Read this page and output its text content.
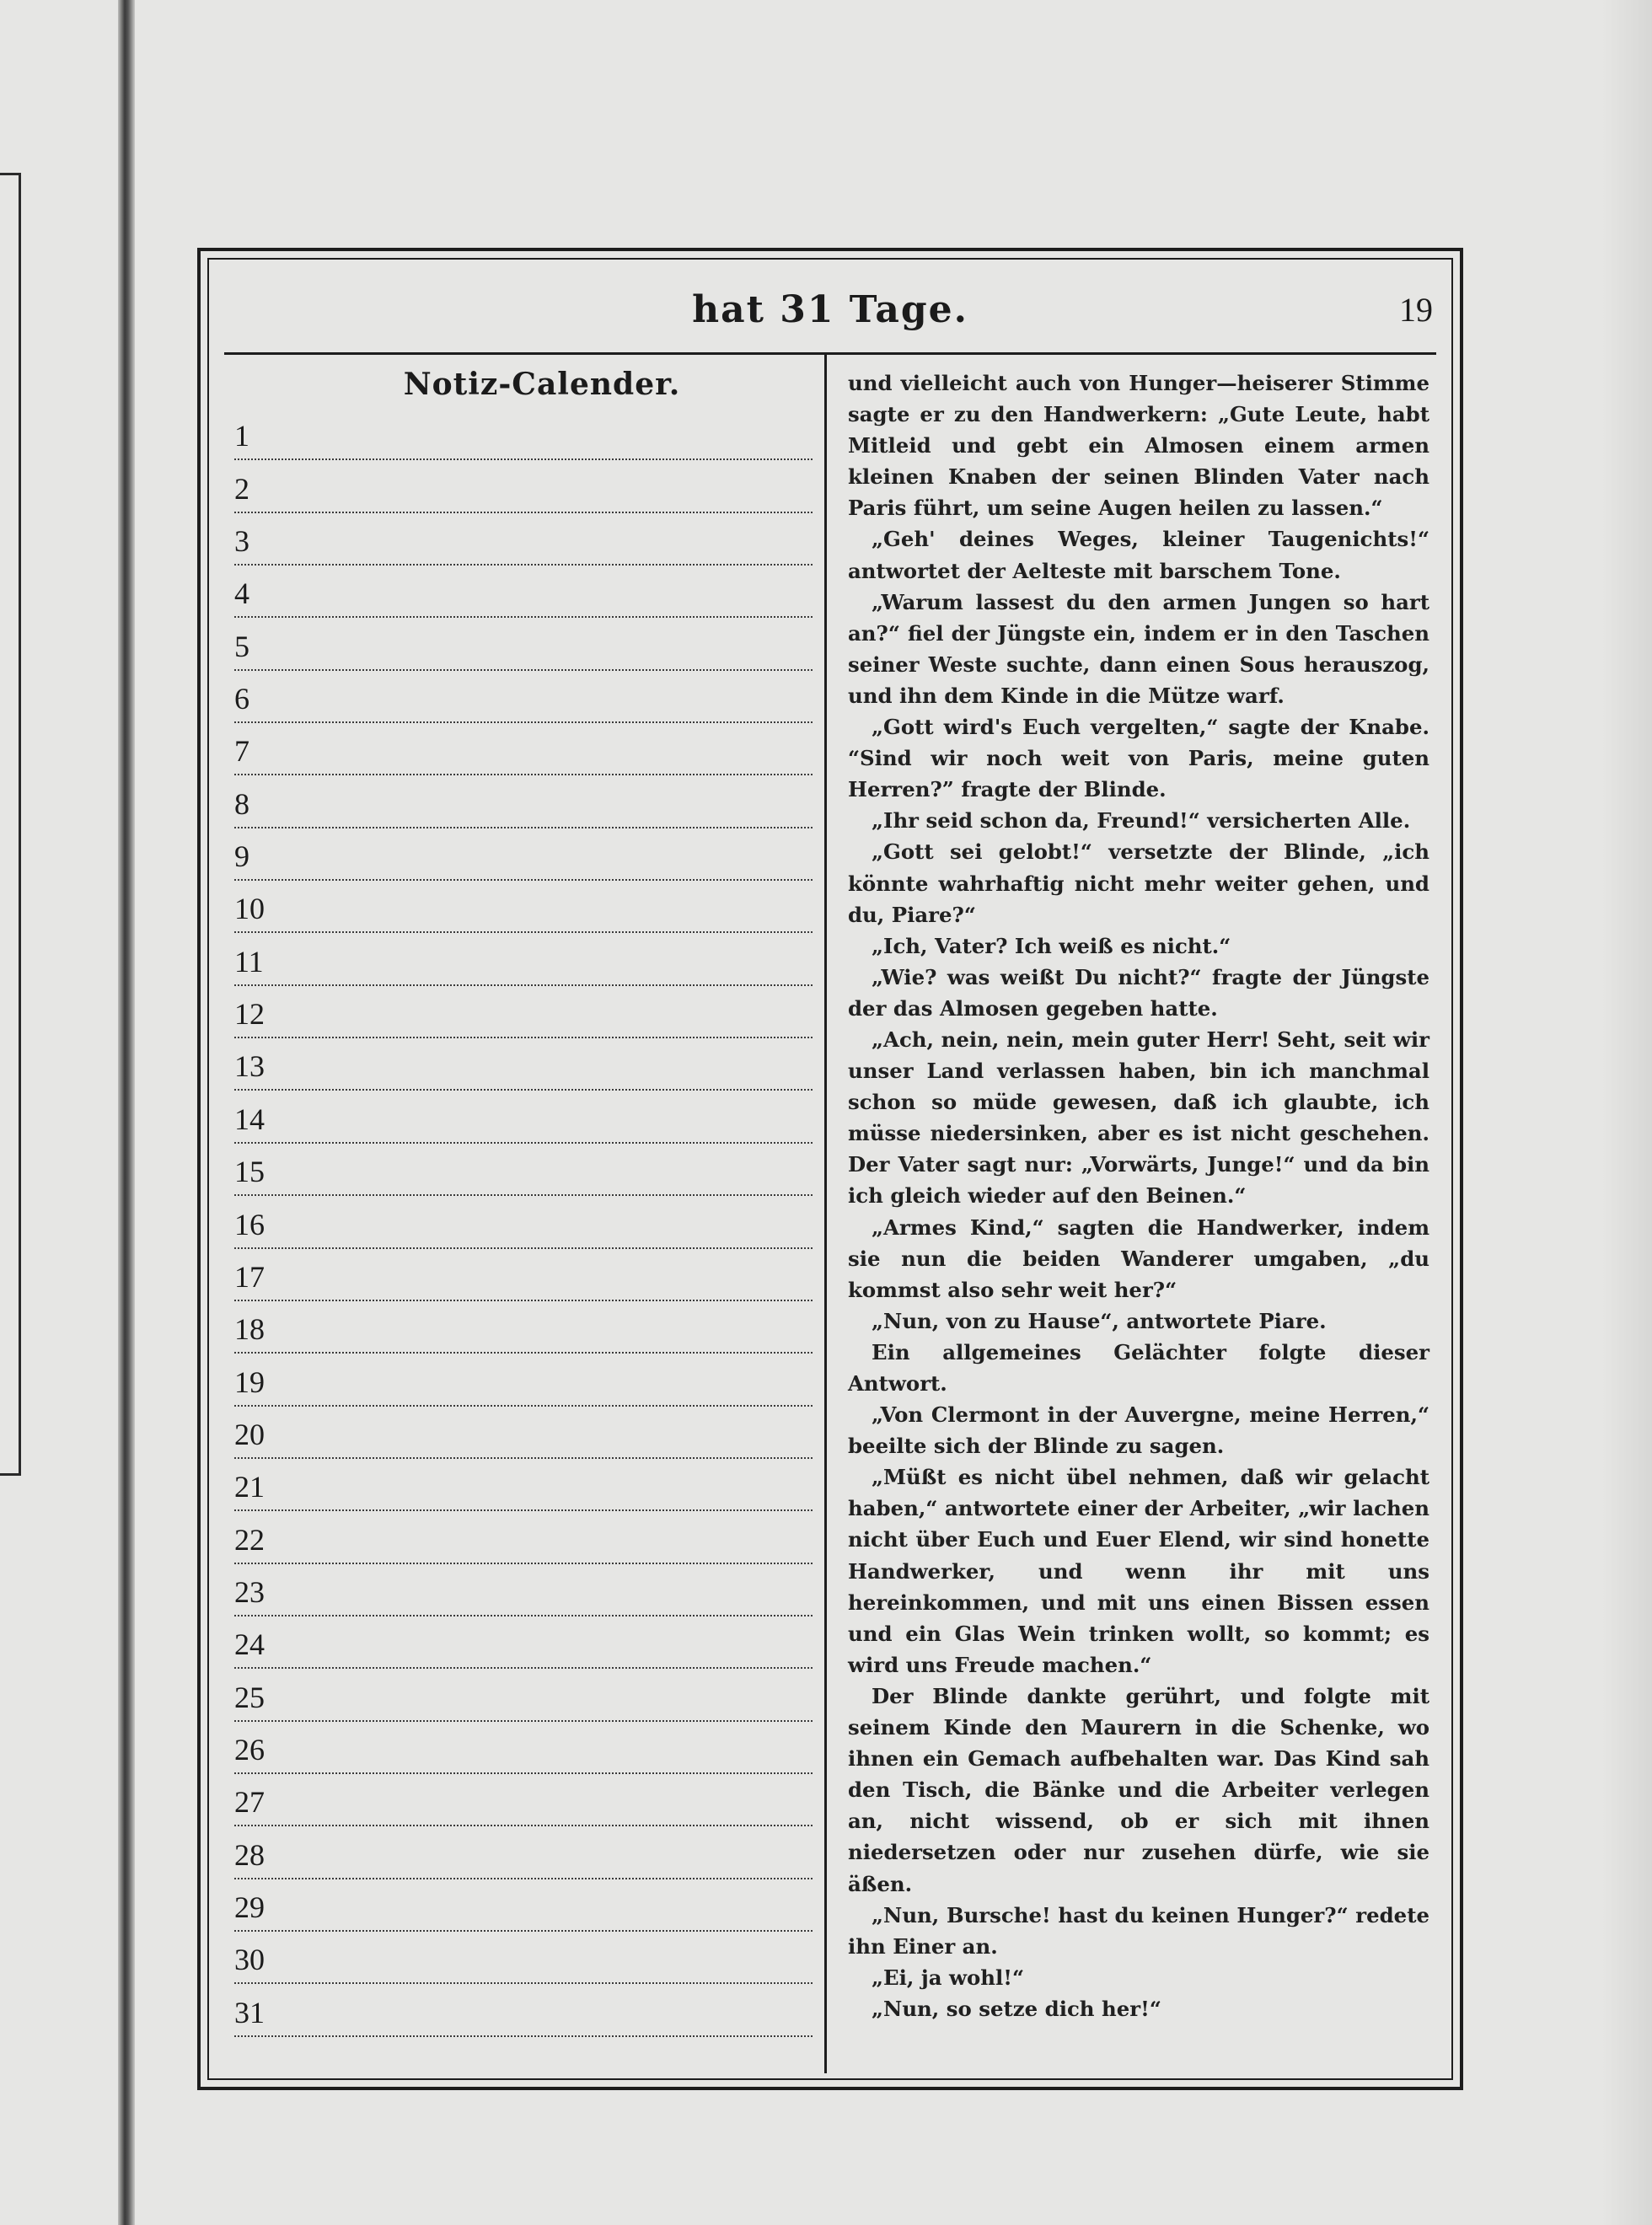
hat 31 Tage.	19
Notiz-Calender.
1
2
3
4
5
6
7
8
9
10
11
12
13
14
15
16
17
18
19
20
21
22
23
24
25
26
27
28
29
30
31

und vielleicht auch von Hunger—heiserer Stimme sagte er zu den Handwerkern: „Gute Leute, habt Mitleid und gebt ein Almosen einem armen kleinen Knaben der seinen Blinden Vater nach Paris führt, um seine Augen heilen zu lassen.“

„Geh' deines Weges, kleiner Taugenichts!“ antwortet der Aelteste mit barschem Tone.

„Warum lassest du den armen Jungen so hart an?“ fiel der Jüngste ein, indem er in den Taschen seiner Weste suchte, dann einen Sous herauszog, und ihn dem Kinde in die Mütze warf.

„Gott wird's Euch vergelten,“ sagte der Knabe. “Sind wir noch weit von Paris, meine guten Herren?” fragte der Blinde.

„Ihr seid schon da, Freund!“ versicherten Alle.

„Gott sei gelobt!“ versetzte der Blinde, „ich könnte wahrhaftig nicht mehr weiter gehen, und du, Piare?“

„Ich, Vater? Ich weiß es nicht.“

„Wie? was weißt Du nicht?“ fragte der Jüngste der das Almosen gegeben hatte.

„Ach, nein, nein, mein guter Herr! Seht, seit wir unser Land verlassen haben, bin ich manchmal schon so müde gewesen, daß ich glaubte, ich müsse niedersinken, aber es ist nicht geschehen. Der Vater sagt nur: „Vorwärts, Junge!“ und da bin ich gleich wieder auf den Beinen.“

„Armes Kind,“ sagten die Handwerker, indem sie nun die beiden Wanderer umgaben, „du kommst also sehr weit her?“

„Nun, von zu Hause“, antwortete Piare.

Ein allgemeines Gelächter folgte dieser Antwort.

„Von Clermont in der Auvergne, meine Herren,“ beeilte sich der Blinde zu sagen.

„Müßt es nicht übel nehmen, daß wir gelacht haben,“ antwortete einer der Arbeiter, „wir lachen nicht über Euch und Euer Elend, wir sind honette Handwerker, und wenn ihr mit uns hereinkommen, und mit uns einen Bissen essen und ein Glas Wein trinken wollt, so kommt; es wird uns Freude machen.“

Der Blinde dankte gerührt, und folgte mit seinem Kinde den Maurern in die Schenke, wo ihnen ein Gemach aufbehalten war. Das Kind sah den Tisch, die Bänke und die Arbeiter verlegen an, nicht wissend, ob er sich mit ihnen niedersetzen oder nur zusehen dürfe, wie sie äßen.

„Nun, Bursche! hast du keinen Hunger?“ redete ihn Einer an.

„Ei, ja wohl!“

„Nun, so setze dich her!“
